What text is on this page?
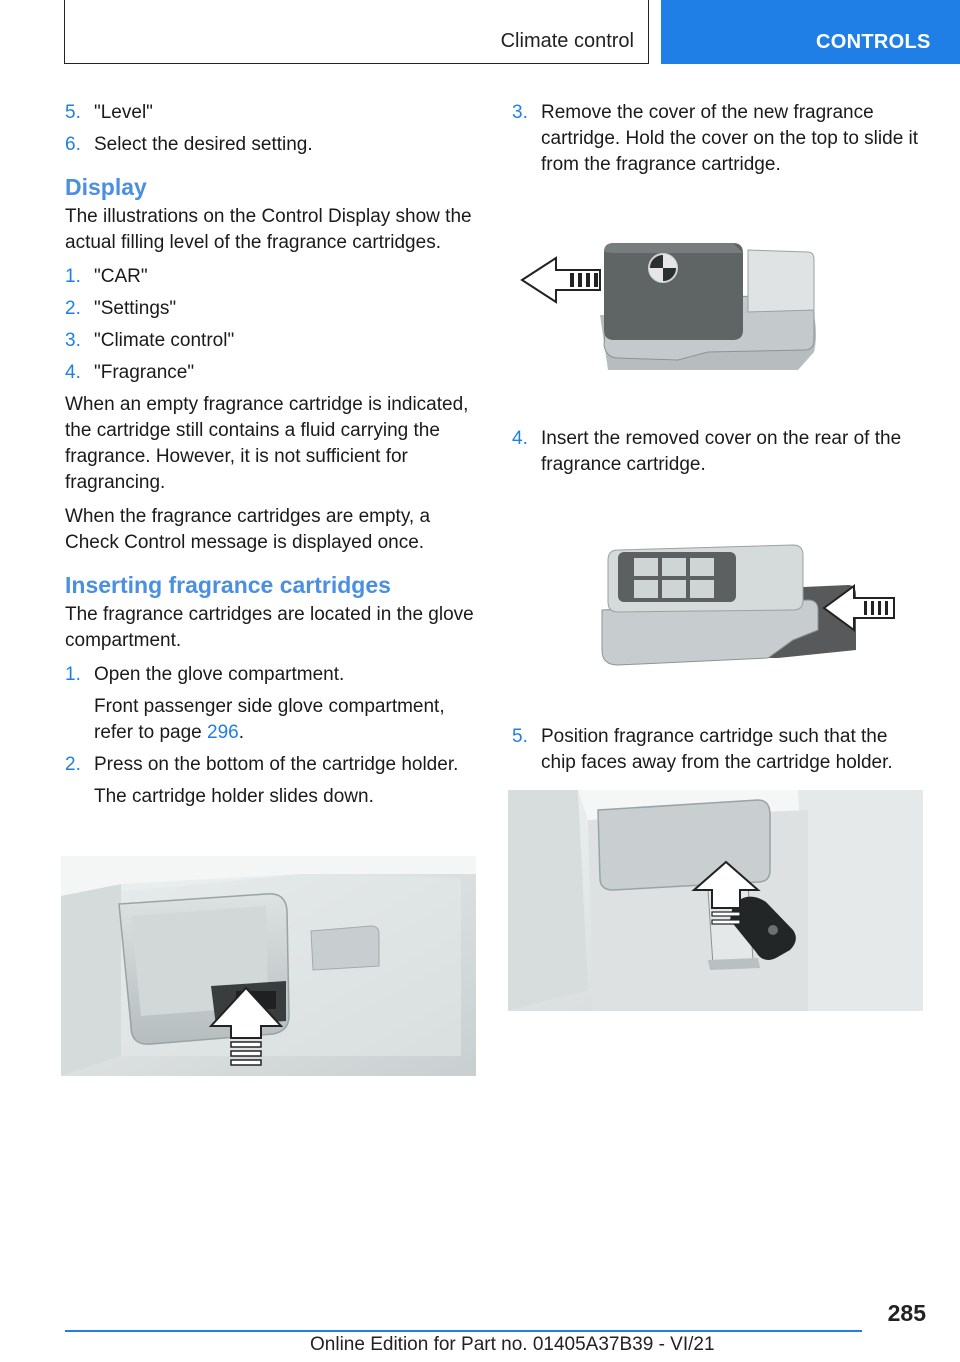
Climate control	CONTROLS
5. "Level"
6. Select the desired setting.
Display

The illustrations on the Control Display show the actual filling level of the fragrance cartridges.

1. "CAR"
2. "Settings"
3. "Climate control"
4. "Fragrance"

When an empty fragrance cartridge is indicated, the cartridge still contains a fluid carrying the fragrance. However, it is not sufficient for fragrancing.

When the fragrance cartridges are empty, a Check Control message is displayed once.

Inserting fragrance cartridges

The fragrance cartridges are located in the glove compartment.

1. Open the glove compartment.
Front passenger side glove compartment, refer to page 296.
2. Press on the bottom of the cartridge holder.
The cartridge holder slides down.
3. Remove the cover of the new fragrance cartridge. Hold the cover on the top to slide it from the fragrance cartridge.
4. Insert the removed cover on the rear of the fragrance cartridge.
5. Position fragrance cartridge such that the chip faces away from the cartridge holder.
285
Online Edition for Part no. 01405A37B39 - VI/21
